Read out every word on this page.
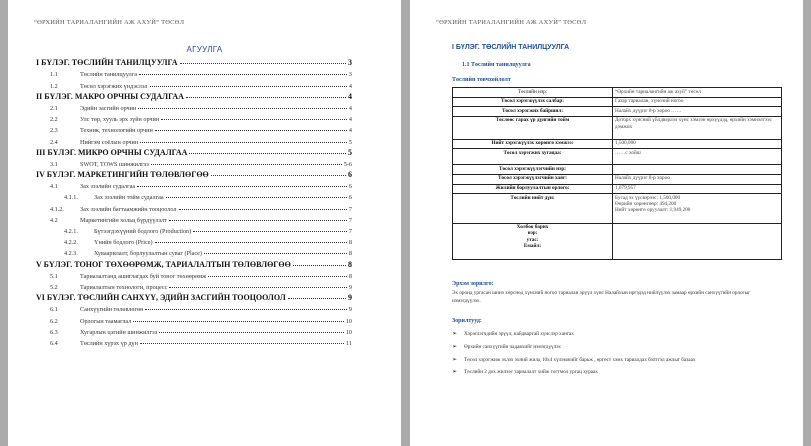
“ӨРХИЙН ТАРИАЛАНГИЙН АЖ АХУЙ” ТӨСӨЛ
АГУУЛГА
I БҮЛЭГ. ТӨСЛИЙН ТАНИЛЦУУЛГА	3
1.1	Төслийн танилцуулга	3
1.2	Төсөл хэрэгжих үндэслэл	4
II БҮЛЭГ. МАКРО ОРЧНЫ СУДАЛГАА	4
2.1	Эдийн засгийн орчин	4
2.2	Улс төр, хууль эрх зүйн орчин	4
2.3	Техник, технологийн орчин	4
2.4	Нийгэм соёлын орчин	5
III БҮЛЭГ. МИКРО ОРЧНЫ СУДАЛГАА	5
3.1	SWOT, TOWS шинжилгээ	5-6
IV БҮЛЭГ. МАРКЕТИНГИЙН ТӨЛӨВЛӨГӨӨ	6
4.1	Зах зээлийн судалгаа	6
4.1.1.	Зах зээлийн тойм судалгаа	6
4.1.2.	Зах зээлийн багтаамжийн тооцоолол	7
4.2	Маркетингийн хольц бүрдүүлэлт	7
4.2.1.	Бүтээгдэхүүний бодлого (Production)	7
4.2.2.	Үнийн бодлого (Price)	8
4.2.3.	Хуваарилалт, борлуулалтын суваг (Place)	8
V БҮЛЭГ. ТОНОГ ТӨХӨӨРӨМЖ, ТАРИАЛАЛТЫН ТӨЛӨВЛӨГӨӨ	8
5.1	Тариалалтанд ашиглагдах буй тоног төхөөрөмж	8
5.2	Тариалалтын технологи, процесс	9
VI БҮЛЭГ. ТӨСЛИЙН САНХҮҮ, ЭДИЙН ЗАСГИЙН ТООЦООЛОЛ	9
6.1	Санхүүгийн төлөвлөгөө	9
6.2	Орлогын таамаглал	10
6.3	Хугарлын цэгийн шинжилгээ	10
6.4	Төслийн хүрэх үр дүн	11
“ӨРХИЙН ТАРИАЛАНГИЙН АЖ АХУЙ” ТӨСӨЛ
I БҮЛЭГ. ТӨСЛИЙН ТАНИЛЦУУЛГА
1.1 Төслийн танилцуулга
Төслийн товчхойлолт
Төслийн нэр:	“Өрхийн тариалангийн аж ахуй” төсөл
Төсөл хэрэгжүүлэх салбар:	Газар тариалан, хүнсний ногоо
Төсөл хэрэгжих байршил:	Налайх дүүрэг 8-р хороо ……
Төслөөс гарах үр дүнгийн тойм	Доторх хүнсний үйлдвэрлэл хүнс хэмээн өрхүүдэд, өрхийн хэмнэлтээс дэмжих
Нийт хэрэгжүүлэх хөрөнгө хэмжээ:	1,500,000
Төсөл хэрэгжих хугацаа:	……с хойш
Төсөл хэрэгжүүлэгчийн нэр:	
Төсөл хэрэгжүүлэгчийн хаяг:	Налайх дүүрэг 8-р хороо
Жилийн борлуулалтын орлого:	1,079,957
Төслийн нийт дүн:	Бусад эх үүсвэрээс: 1,500,000
Өөрийн хөрөнгөөр: 494,200
Нийт хөрөнгө оруулалт: 1,949,200
Холбоо барих
нэр:
утас:
Емайл:	
Эрхэм зорилго:
Эх оронд ургасан шинэ хөрснөд хүнсний ногоо тариалан эрүүл хүнс Налайхын иргэдэд нийлүүлэх замаар өрхийн санхүүгийн орлогыг нэмэгдүүлэх.
Зорилтууд:
➢ Хэрэглэгчдийн эрүүл, найдвартай хүнслэр хангах
➢ Өрхийн санхүүгийн чадавхийг нэмэгдүүлэх
➢ Төсөл хэрэгжиж эхлэх эхний жилд 10х4 хүлэмжийг барьж , өргөст хэмх тариалдах бэлтгэл ажлыг базаах
➢ Төслийн 2 дох жилээс тариалалт хийж тогтмол ургац хураах
